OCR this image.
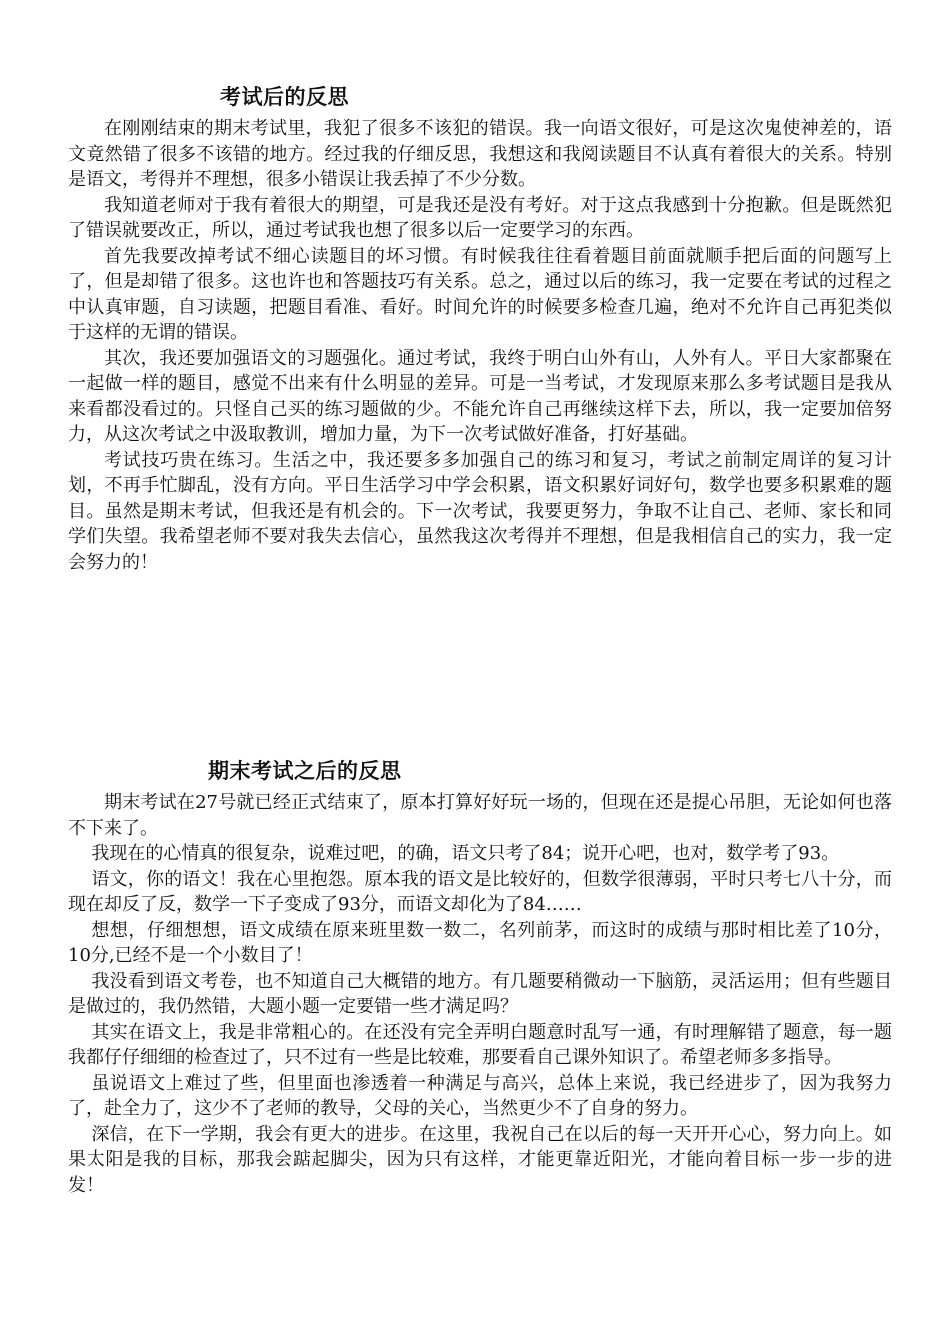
考试后的反思

在刚刚结束的期末考试里，我犯了很多不该犯的错误。我一向语文很好，可是这次鬼使神差的，语文竟然错了很多不该错的地方。经过我的仔细反思，我想这和我阅读题目不认真有着很大的关系。特别是语文，考得并不理想，很多小错误让我丢掉了不少分数。

我知道老师对于我有着很大的期望，可是我还是没有考好。对于这点我感到十分抱歉。但是既然犯了错误就要改正，所以，通过考试我也想了很多以后一定要学习的东西。

首先我要改掉考试不细心读题目的坏习惯。有时候我往往看着题目前面就顺手把后面的问题写上了，但是却错了很多。这也许也和答题技巧有关系。总之，通过以后的练习，我一定要在考试的过程之中认真审题，自习读题，把题目看准、看好。时间允许的时候要多检查几遍，绝对不允许自己再犯类似于这样的无谓的错误。

其次，我还要加强语文的习题强化。通过考试，我终于明白山外有山，人外有人。平日大家都聚在一起做一样的题目，感觉不出来有什么明显的差异。可是一当考试，才发现原来那么多考试题目是我从来看都没看过的。只怪自己买的练习题做的少。不能允许自己再继续这样下去，所以，我一定要加倍努力，从这次考试之中汲取教训，增加力量，为下一次考试做好准备，打好基础。

考试技巧贵在练习。生活之中，我还要多多加强自己的练习和复习，考试之前制定周详的复习计划，不再手忙脚乱，没有方向。平日生活学习中学会积累，语文积累好词好句，数学也要多积累难的题目。虽然是期末考试，但我还是有机会的。下一次考试，我要更努力，争取不让自己、老师、家长和同学们失望。我希望老师不要对我失去信心，虽然我这次考得并不理想，但是我相信自己的实力，我一定会努力的！

期末考试之后的反思

期末考试在27号就已经正式结束了，原本打算好好玩一场的，但现在还是提心吊胆，无论如何也落不下来了。

我现在的心情真的很复杂，说难过吧，的确，语文只考了84；说开心吧，也对，数学考了93。

语文，你的语文！我在心里抱怨。原本我的语文是比较好的，但数学很薄弱，平时只考七八十分，而现在却反了反，数学一下子变成了93分，而语文却化为了84……

想想，仔细想想，语文成绩在原来班里数一数二，名列前茅，而这时的成绩与那时相比差了10分，10分,已经不是一个小数目了！

我没看到语文考卷，也不知道自己大概错的地方。有几题要稍微动一下脑筋，灵活运用；但有些题目是做过的，我仍然错，大题小题一定要错一些才满足吗？

其实在语文上，我是非常粗心的。在还没有完全弄明白题意时乱写一通，有时理解错了题意，每一题我都仔仔细细的检查过了，只不过有一些是比较难，那要看自己课外知识了。希望老师多多指导。

虽说语文上难过了些，但里面也渗透着一种满足与高兴，总体上来说，我已经进步了，因为我努力了，赴全力了，这少不了老师的教导，父母的关心，当然更少不了自身的努力。

深信，在下一学期，我会有更大的进步。在这里，我祝自己在以后的每一天开开心心，努力向上。如果太阳是我的目标，那我会踮起脚尖，因为只有这样，才能更靠近阳光，才能向着目标一步一步的进发！
